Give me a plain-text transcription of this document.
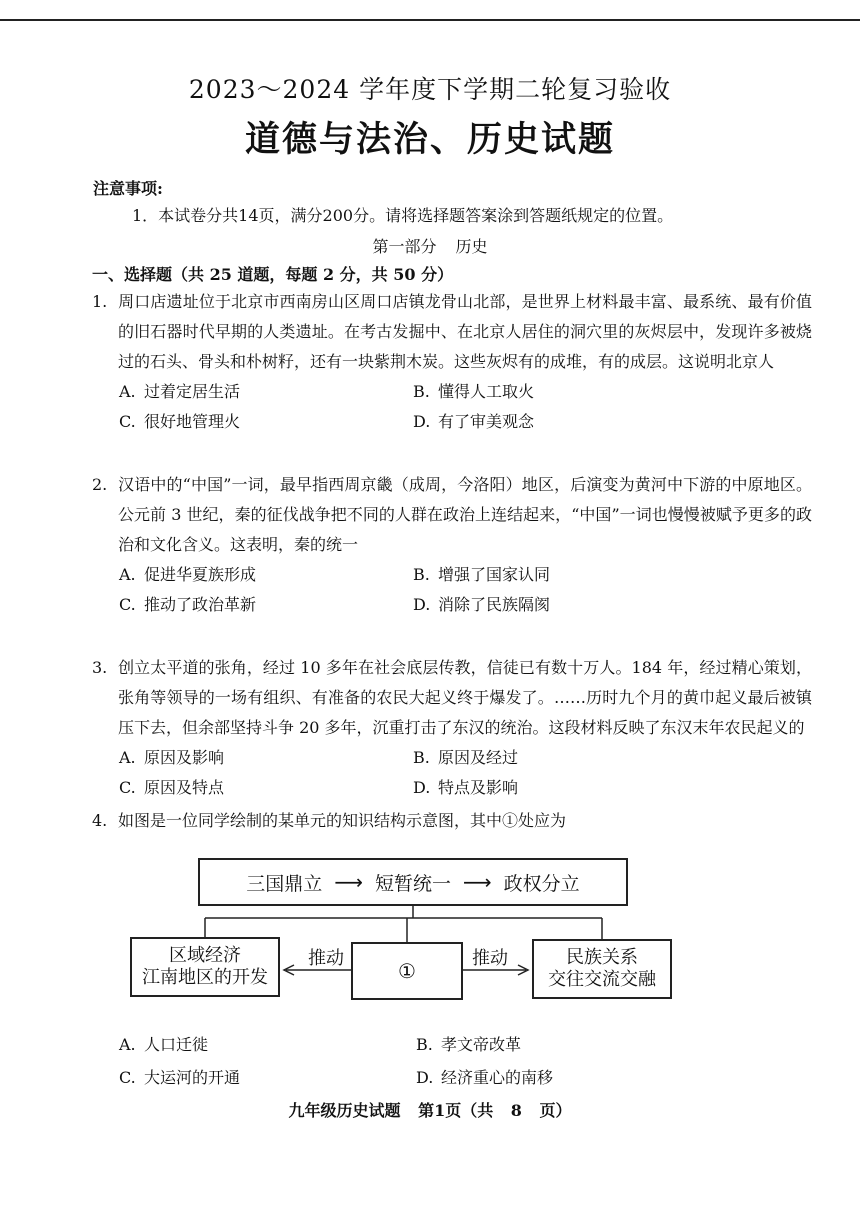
2023～2024 学年度下学期二轮复习验收
道德与法治、历史试题
注意事项:
1．本试卷分共14页，满分200分。请将选择题答案涂到答题纸规定的位置。
第一部分 历史
一、选择题（共 25 道题，每题 2 分，共 50 分）

1. 周口店遗址位于北京市西南房山区周口店镇龙骨山北部，是世界上材料最丰富、最系统、最有价值的旧石器时代早期的人类遗址。在考古发掘中、在北京人居住的洞穴里的灰烬层中，发现许多被烧过的石头、骨头和朴树籽，还有一块紫荆木炭。这些灰烬有的成堆，有的成层。这说明北京人

A. 过着定居生活	B. 懂得人工取火
C. 很好地管理火	D. 有了审美观念

2. 汉语中的“中国”一词，最早指西周京畿（成周，今洛阳）地区，后演变为黄河中下游的中原地区。公元前 3 世纪，秦的征伐战争把不同的人群在政治上连结起来，“中国”一词也慢慢被赋予更多的政治和文化含义。这表明，秦的统一

A. 促进华夏族形成	B. 增强了国家认同
C. 推动了政治革新	D. 消除了民族隔阂

3. 创立太平道的张角，经过 10 多年在社会底层传教，信徒已有数十万人。184 年，经过精心策划，张角等领导的一场有组织、有准备的农民大起义终于爆发了。……历时九个月的黄巾起义最后被镇压下去，但余部坚持斗争 20 多年，沉重打击了东汉的统治。这段材料反映了东汉末年农民起义的

A. 原因及影响	B. 原因及经过
C. 原因及特点	D. 特点及影响

4. 如图是一位同学绘制的某单元的知识结构示意图，其中①处应为

三国鼎立 ⟶ 短暂统一 ⟶ 政权分立
区域经济
江南地区的开发
推动
①
推动	民族关系
交往交流交融
A. 人口迁徙	B. 孝文帝改革
C. 大运河的开通	D. 经济重心的南移
九年级历史试题 第1页（共 8 页）
